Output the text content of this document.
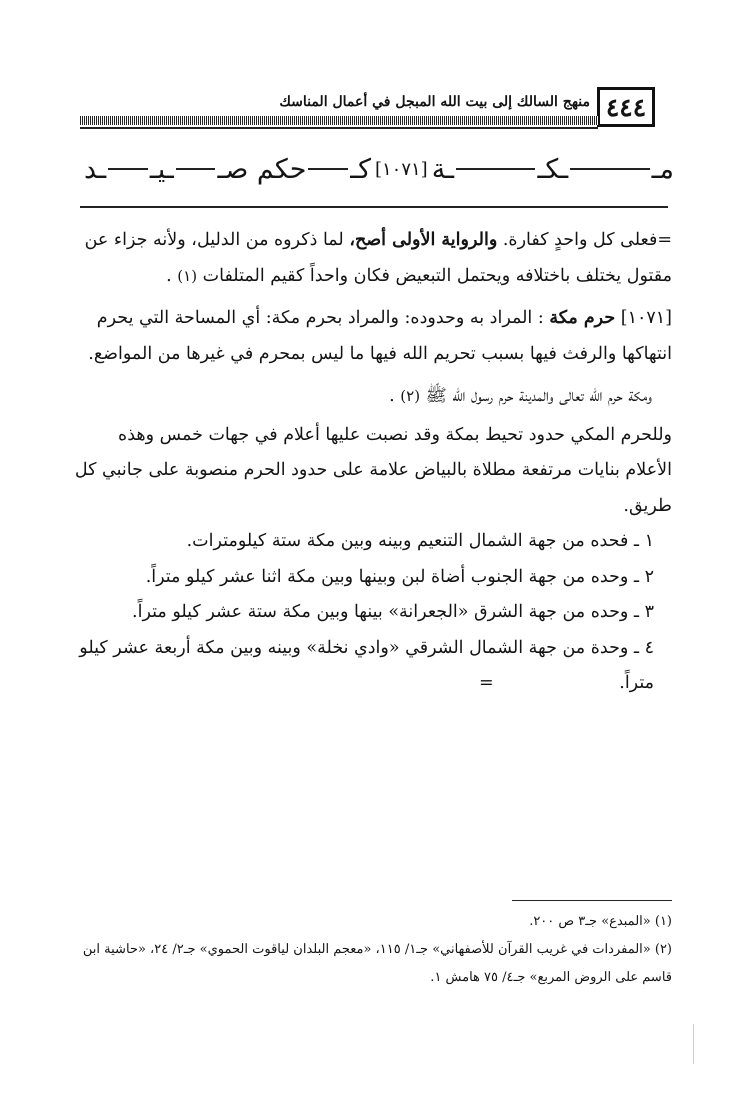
٤٤٤
منهج السالك إلى بيت الله المبجل في أعمال المناسك
مـ
ـكـ
ـة
[١٠٧١]
كـ
حكم صـ
ـيـ
ـد

=فعلى كل واحدٍ كفارة. والرواية الأولى أصح، لما ذكروه من الدليل، ولأنه جزاء عن مقتول يختلف باختلافه ويحتمل التبعيض فكان واحداً كقيم المتلفات (١) .

[١٠٧١] حرم مكة : المراد به وحدوده: والمراد بحرم مكة: أي المساحة التي يحرم انتهاكها والرفث فيها بسبب تحريم الله فيها ما ليس بمحرم في غيرها من المواضع.

ومكة حرم الله تعالى والمدينة حرم رسول الله ﷺ (٢) .

وللحرم المكي حدود تحيط بمكة وقد نصبت عليها أعلام في جهات خمس وهذه الأعلام بنايات مرتفعة مطلاة بالبياض علامة على حدود الحرم منصوبة على جانبي كل طريق.

١ ـ فحده من جهة الشمال التنعيم وبينه وبين مكة ستة كيلومترات.

٢ ـ وحده من جهة الجنوب أضاة لبن وبينها وبين مكة اثنا عشر كيلو متراً.

٣ ـ وحده من جهة الشرق «الجعرانة» بينها وبين مكة ستة عشر كيلو متراً.

٤ ـ وحدة من جهة الشمال الشرقي «وادي نخلة» وبينه وبين مكة أربعة عشر كيلو متراً. =

(١) «المبدع» جـ٣ ص ٢٠٠.

(٢) «المفردات في غريب القرآن للأصفهاني» جـ١/ ١١٥، «معجم البلدان لياقوت الحموي» جـ٢/ ٢٤، «حاشية ابن قاسم على الروض المربع» جـ٤/ ٧٥ هامش ١.
